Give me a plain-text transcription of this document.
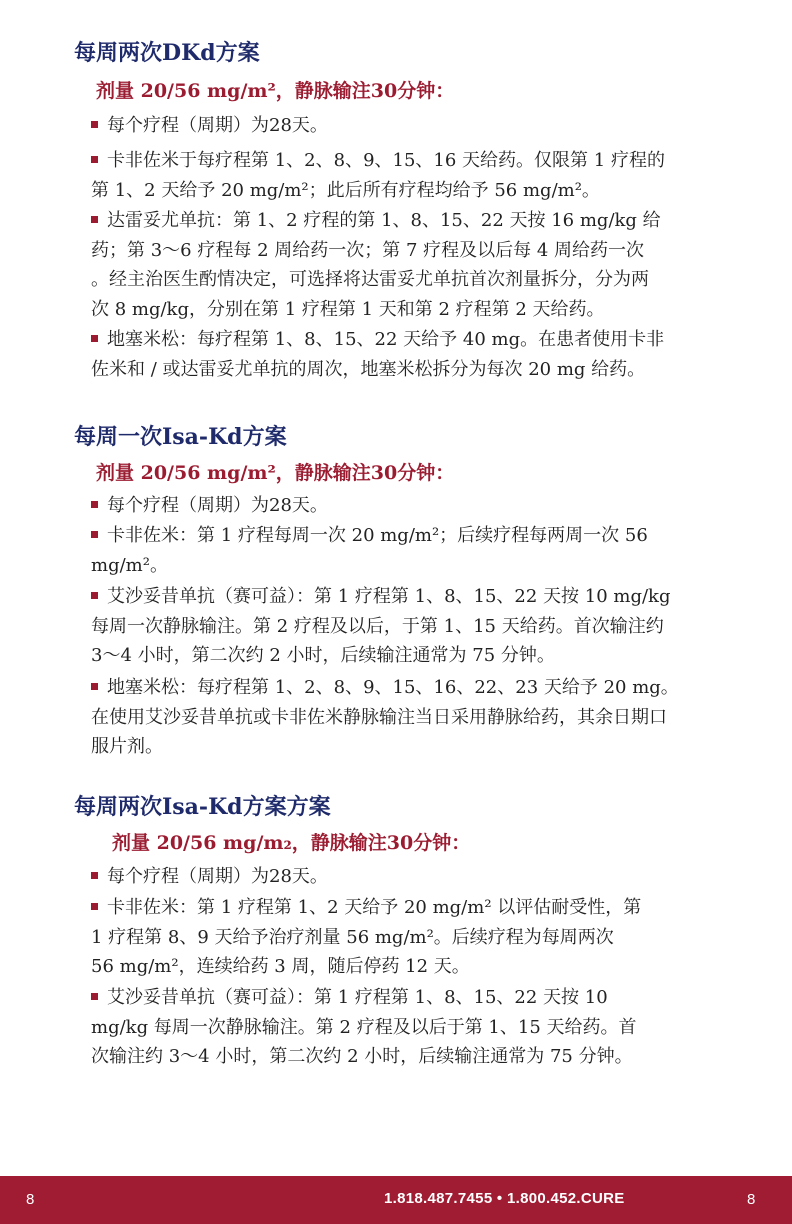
每周两次DKd方案
剂量 20/56 mg/m²，静脉输注30分钟：
每个疗程（周期）为28天。
卡非佐米于每疗程第 1、2、8、9、15、16 天给药。仅限第 1 疗程的
第 1、2 天给予 20 mg/m²；此后所有疗程均给予 56 mg/m²。
达雷妥尤单抗：第 1、2 疗程的第 1、8、15、22 天按 16 mg/kg 给
药；第 3〜6 疗程每 2 周给药一次；第 7 疗程及以后每 4 周给药一次
。经主治医生酌情决定，可选择将达雷妥尤单抗首次剂量拆分，分为两
次 8 mg/kg，分别在第 1 疗程第 1 天和第 2 疗程第 2 天给药。
地塞米松：每疗程第 1、8、15、22 天给予 40 mg。在患者使用卡非
佐米和 / 或达雷妥尤单抗的周次，地塞米松拆分为每次 20 mg 给药。
每周一次Isa-Kd方案
剂量 20/56 mg/m²，静脉输注30分钟：
每个疗程（周期）为28天。
卡非佐米：第 1 疗程每周一次 20 mg/m²；后续疗程每两周一次 56
mg/m²。
艾沙妥昔单抗（赛可益）：第 1 疗程第 1、8、15、22 天按 10 mg/kg
每周一次静脉输注。第 2 疗程及以后，于第 1、15 天给药。首次输注约
3〜4 小时，第二次约 2 小时，后续输注通常为 75 分钟。
地塞米松：每疗程第 1、2、8、9、15、16、22、23 天给予 20 mg。
在使用艾沙妥昔单抗或卡非佐米静脉输注当日采用静脉给药，其余日期口
服片剂。
每周两次Isa-Kd方案方案
剂量 20/56 mg/m₂，静脉输注30分钟：
每个疗程（周期）为28天。
卡非佐米：第 1 疗程第 1、2 天给予 20 mg/m² 以评估耐受性，第
1 疗程第 8、9 天给予治疗剂量 56 mg/m²。后续疗程为每周两次
56 mg/m²，连续给药 3 周，随后停药 12 天。
艾沙妥昔单抗（赛可益）：第 1 疗程第 1、8、15、22 天按 10
mg/kg 每周一次静脉输注。第 2 疗程及以后于第 1、15 天给药。首
次输注约 3〜4 小时，第二次约 2 小时，后续输注通常为 75 分钟。
8	1.818.487.7455 • 1.800.452.CURE	8
